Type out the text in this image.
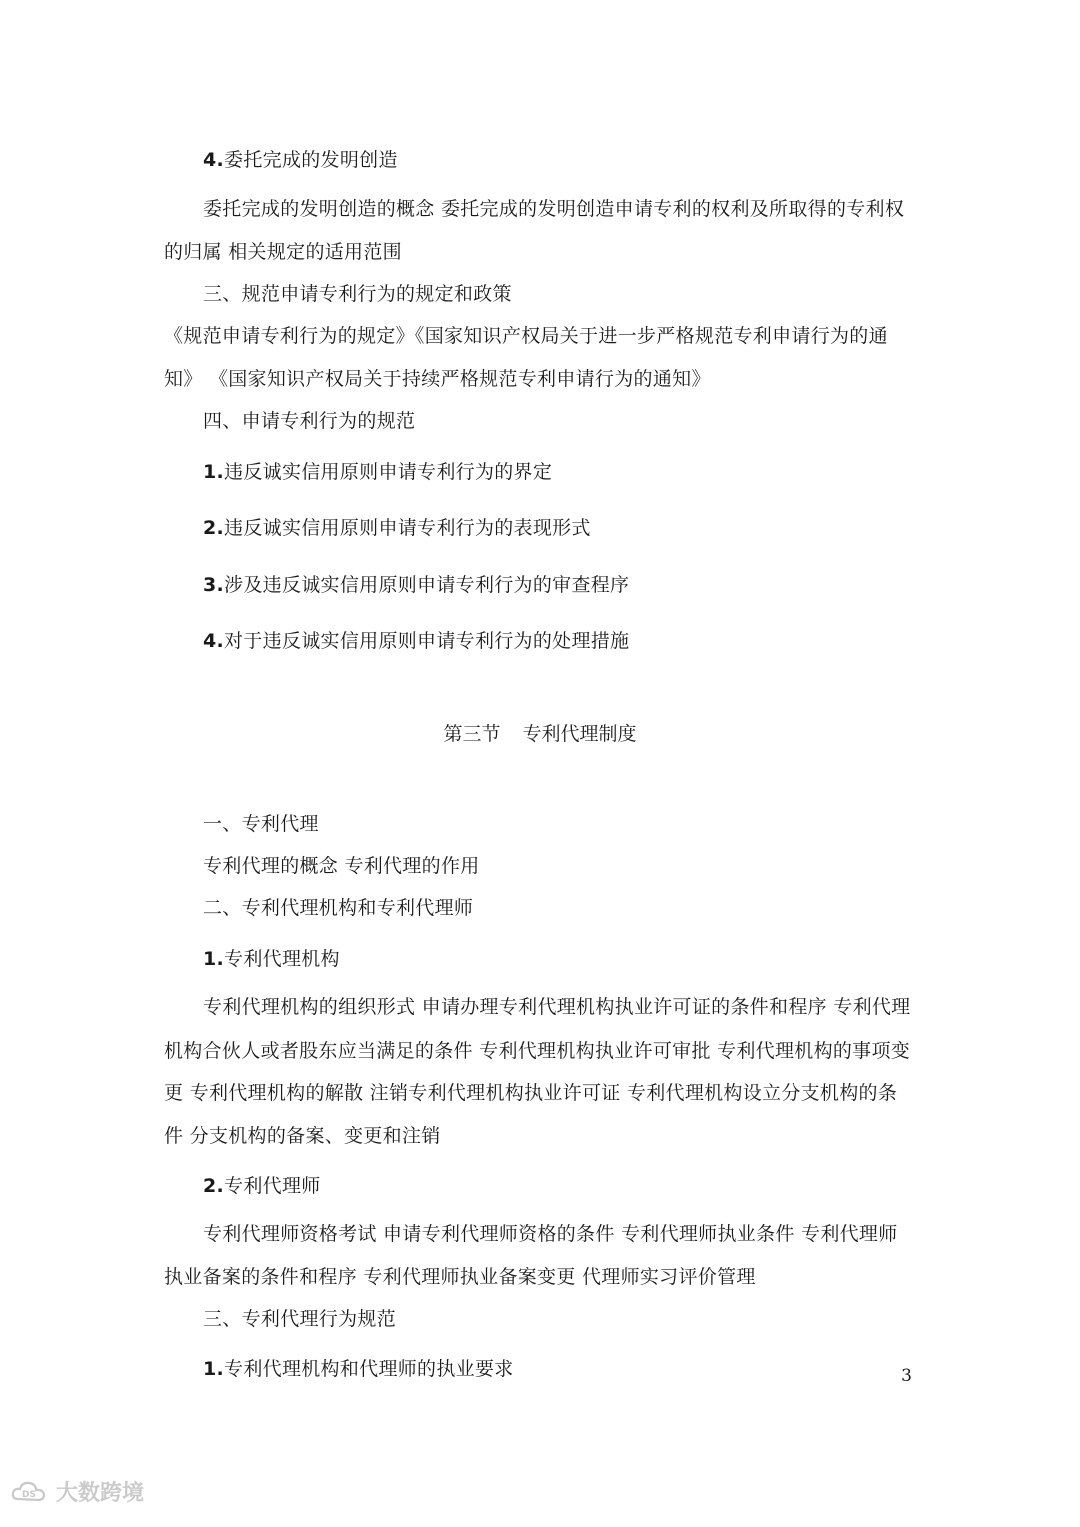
4.委托完成的发明创造
委托完成的发明创造的概念 委托完成的发明创造申请专利的权利及所取得的专利权
的归属 相关规定的适用范围
三、规范申请专利行为的规定和政策
《规范申请专利行为的规定》《国家知识产权局关于进一步严格规范专利申请行为的通
知》 《国家知识产权局关于持续严格规范专利申请行为的通知》
四、申请专利行为的规范
1.违反诚实信用原则申请专利行为的界定
2.违反诚实信用原则申请专利行为的表现形式
3.涉及违反诚实信用原则申请专利行为的审查程序
4.对于违反诚实信用原则申请专利行为的处理措施
第三节 专利代理制度
一、专利代理
专利代理的概念 专利代理的作用
二、专利代理机构和专利代理师
1.专利代理机构
专利代理机构的组织形式 申请办理专利代理机构执业许可证的条件和程序 专利代理
机构合伙人或者股东应当满足的条件 专利代理机构执业许可审批 专利代理机构的事项变
更 专利代理机构的解散 注销专利代理机构执业许可证 专利代理机构设立分支机构的条
件 分支机构的备案、变更和注销
2.专利代理师
专利代理师资格考试 申请专利代理师资格的条件 专利代理师执业条件 专利代理师
执业备案的条件和程序 专利代理师执业备案变更 代理师实习评价管理
三、专利代理行为规范
1.专利代理机构和代理师的执业要求	3
DS 大数跨境
